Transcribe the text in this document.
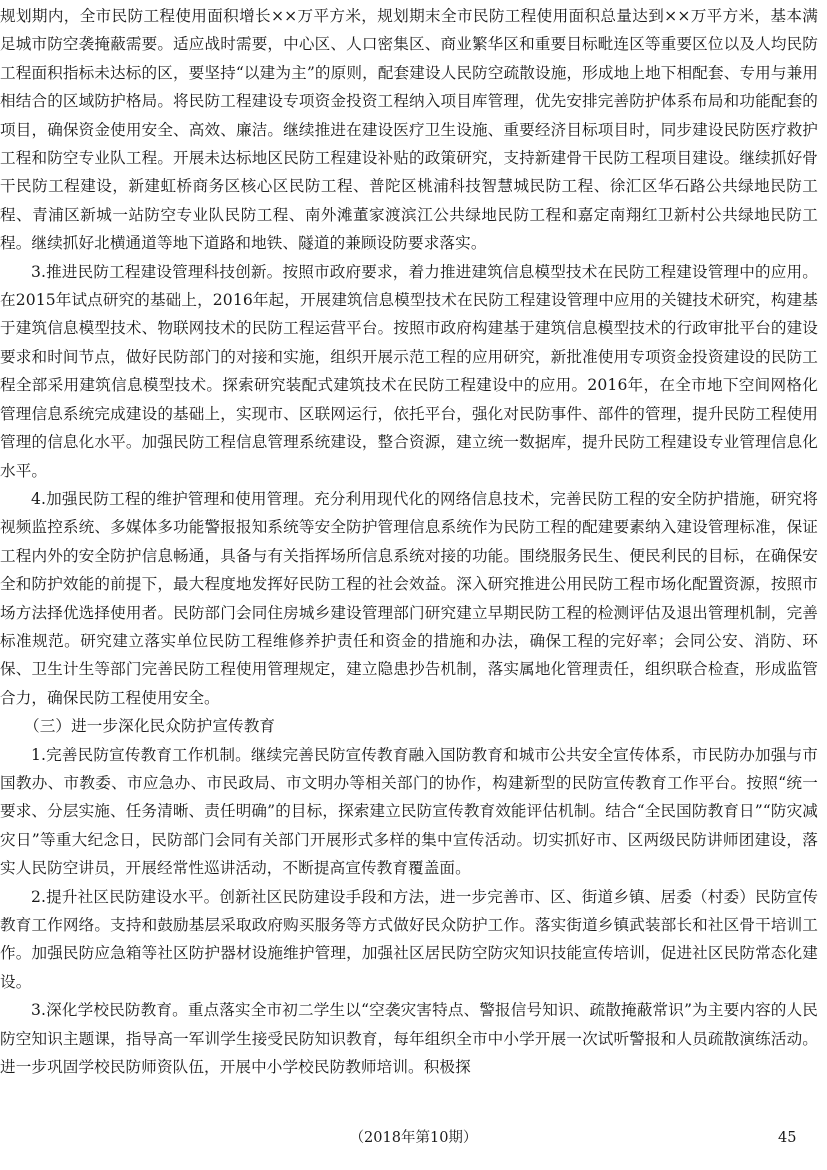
规划期内，全市民防工程使用面积增长××万平方米，规划期末全市民防工程使用面积总量达到××万平方米，基本满足城市防空袭掩蔽需要。适应战时需要，中心区、人口密集区、商业繁华区和重要目标毗连区等重要区位以及人均民防工程面积指标未达标的区，要坚持“以建为主”的原则，配套建设人民防空疏散设施，形成地上地下相配套、专用与兼用相结合的区域防护格局。将民防工程建设专项资金投资工程纳入项目库管理，优先安排完善防护体系布局和功能配套的项目，确保资金使用安全、高效、廉洁。继续推进在建设医疗卫生设施、重要经济目标项目时，同步建设民防医疗救护工程和防空专业队工程。开展未达标地区民防工程建设补贴的政策研究，支持新建骨干民防工程项目建设。继续抓好骨干民防工程建设，新建虹桥商务区核心区民防工程、普陀区桃浦科技智慧城民防工程、徐汇区华石路公共绿地民防工程、青浦区新城一站防空专业队民防工程、南外滩董家渡滨江公共绿地民防工程和嘉定南翔红卫新村公共绿地民防工程。继续抓好北横通道等地下道路和地铁、隧道的兼顾设防要求落实。

3.推进民防工程建设管理科技创新。按照市政府要求，着力推进建筑信息模型技术在民防工程建设管理中的应用。在2015年试点研究的基础上，2016年起，开展建筑信息模型技术在民防工程建设管理中应用的关键技术研究，构建基于建筑信息模型技术、物联网技术的民防工程运营平台。按照市政府构建基于建筑信息模型技术的行政审批平台的建设要求和时间节点，做好民防部门的对接和实施，组织开展示范工程的应用研究，新批准使用专项资金投资建设的民防工程全部采用建筑信息模型技术。探索研究装配式建筑技术在民防工程建设中的应用。2016年，在全市地下空间网格化管理信息系统完成建设的基础上，实现市、区联网运行，依托平台，强化对民防事件、部件的管理，提升民防工程使用管理的信息化水平。加强民防工程信息管理系统建设，整合资源，建立统一数据库，提升民防工程建设专业管理信息化水平。

4.加强民防工程的维护管理和使用管理。充分利用现代化的网络信息技术，完善民防工程的安全防护措施，研究将视频监控系统、多媒体多功能警报报知系统等安全防护管理信息系统作为民防工程的配建要素纳入建设管理标准，保证工程内外的安全防护信息畅通，具备与有关指挥场所信息系统对接的功能。围绕服务民生、便民利民的目标，在确保安全和防护效能的前提下，最大程度地发挥好民防工程的社会效益。深入研究推进公用民防工程市场化配置资源，按照市场方法择优选择使用者。民防部门会同住房城乡建设管理部门研究建立早期民防工程的检测评估及退出管理机制，完善标准规范。研究建立落实单位民防工程维修养护责任和资金的措施和办法，确保工程的完好率；会同公安、消防、环保、卫生计生等部门完善民防工程使用管理规定，建立隐患抄告机制，落实属地化管理责任，组织联合检查，形成监管合力，确保民防工程使用安全。

（三）进一步深化民众防护宣传教育

1.完善民防宣传教育工作机制。继续完善民防宣传教育融入国防教育和城市公共安全宣传体系，市民防办加强与市国教办、市教委、市应急办、市民政局、市文明办等相关部门的协作，构建新型的民防宣传教育工作平台。按照“统一要求、分层实施、任务清晰、责任明确”的目标，探索建立民防宣传教育效能评估机制。结合“全民国防教育日”“防灾减灾日”等重大纪念日，民防部门会同有关部门开展形式多样的集中宣传活动。切实抓好市、区两级民防讲师团建设，落实人民防空讲员，开展经常性巡讲活动，不断提高宣传教育覆盖面。

2.提升社区民防建设水平。创新社区民防建设手段和方法，进一步完善市、区、街道乡镇、居委（村委）民防宣传教育工作网络。支持和鼓励基层采取政府购买服务等方式做好民众防护工作。落实街道乡镇武装部长和社区骨干培训工作。加强民防应急箱等社区防护器材设施维护管理，加强社区居民防空防灾知识技能宣传培训，促进社区民防常态化建设。

3.深化学校民防教育。重点落实全市初二学生以“空袭灾害特点、警报信号知识、疏散掩蔽常识”为主要内容的人民防空知识主题课，指导高一军训学生接受民防知识教育，每年组织全市中小学开展一次试听警报和人员疏散演练活动。进一步巩固学校民防师资队伍，开展中小学校民防教师培训。积极探

（2018年第10期）	45
